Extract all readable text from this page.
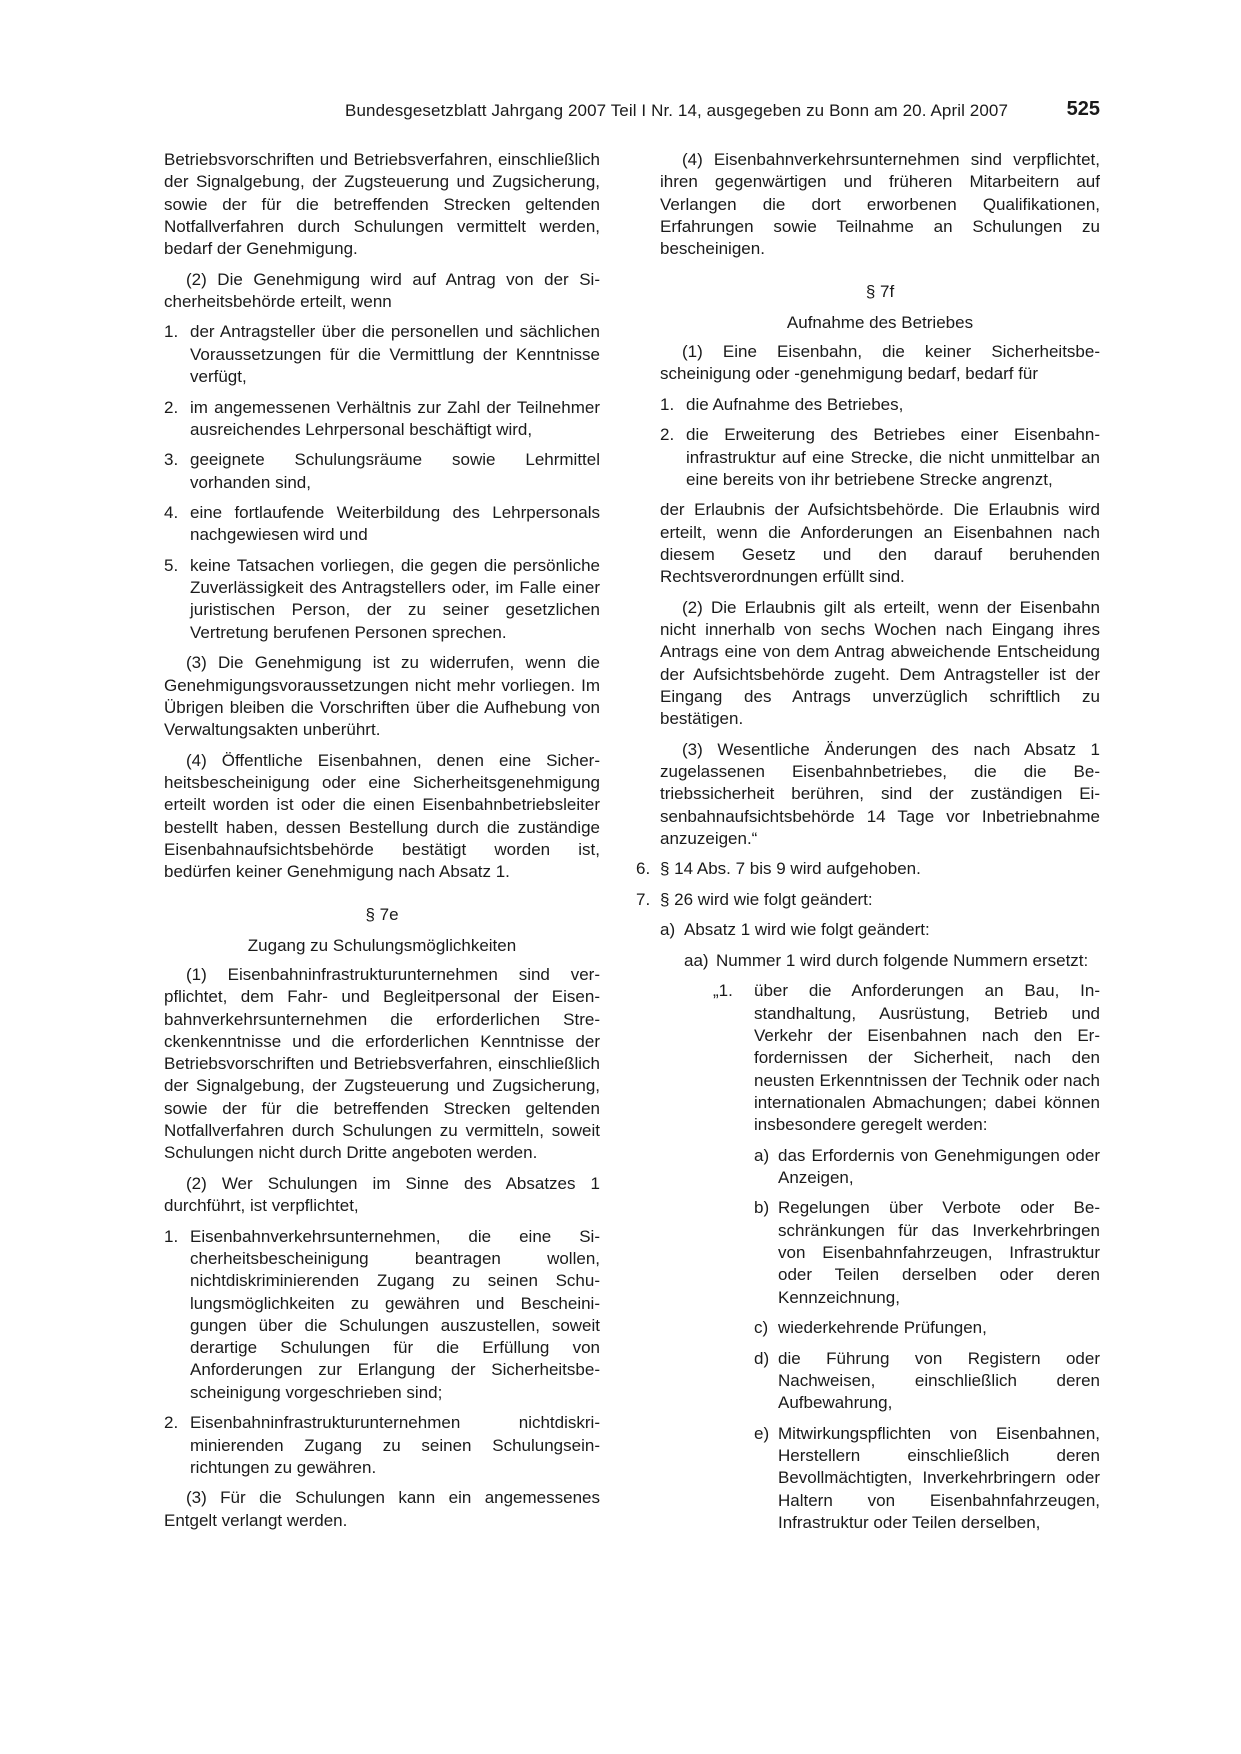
Bundesgesetzblatt Jahrgang 2007 Teil I Nr. 14, ausgegeben zu Bonn am 20. April 2007	525

Betriebsvorschriften und Betriebsverfahren, einschließlich der Signalgebung, der Zugsteuerung und Zugsicherung, sowie der für die betreffenden Strecken geltenden Notfallverfahren durch Schulungen vermittelt werden, bedarf der Genehmigung.

(2) Die Genehmigung wird auf Antrag von der Sicherheitsbehörde erteilt, wenn

1. der Antragsteller über die personellen und sächlichen Voraussetzungen für die Vermittlung der Kenntnisse verfügt,
2. im angemessenen Verhältnis zur Zahl der Teilnehmer ausreichendes Lehrpersonal beschäftigt wird,
3. geeignete Schulungsräume sowie Lehrmittel vorhanden sind,
4. eine fortlaufende Weiterbildung des Lehrpersonals nachgewiesen wird und
5. keine Tatsachen vorliegen, die gegen die persönliche Zuverlässigkeit des Antragstellers oder, im Falle einer juristischen Person, der zu seiner gesetzlichen Vertretung berufenen Personen sprechen.

(3) Die Genehmigung ist zu widerrufen, wenn die Genehmigungsvoraussetzungen nicht mehr vorliegen. Im Übrigen bleiben die Vorschriften über die Aufhebung von Verwaltungsakten unberührt.

(4) Öffentliche Eisenbahnen, denen eine Sicherheitsbescheinigung oder eine Sicherheitsgenehmigung erteilt worden ist oder die einen Eisenbahnbetriebsleiter bestellt haben, dessen Bestellung durch die zuständige Eisenbahnaufsichtsbehörde bestätigt worden ist, bedürfen keiner Genehmigung nach Absatz 1.

§ 7e

Zugang zu Schulungsmöglichkeiten

(1) Eisenbahninfrastrukturunternehmen sind verpflichtet, dem Fahr- und Begleitpersonal der Eisenbahnverkehrsunternehmen die erforderlichen Streckenkenntnisse und die erforderlichen Kenntnisse der Betriebsvorschriften und Betriebsverfahren, einschließlich der Signalgebung, der Zugsteuerung und Zugsicherung, sowie der für die betreffenden Strecken geltenden Notfallverfahren durch Schulungen zu vermitteln, soweit Schulungen nicht durch Dritte angeboten werden.

(2) Wer Schulungen im Sinne des Absatzes 1 durchführt, ist verpflichtet,

1. Eisenbahnverkehrsunternehmen, die eine Sicherheitsbescheinigung beantragen wollen, nichtdiskriminierenden Zugang zu seinen Schulungsmöglichkeiten zu gewähren und Bescheinigungen über die Schulungen auszustellen, soweit derartige Schulungen für die Erfüllung von Anforderungen zur Erlangung der Sicherheitsbescheinigung vorgeschrieben sind;
2. Eisenbahninfrastrukturunternehmen nichtdiskriminierenden Zugang zu seinen Schulungseinrichtungen zu gewähren.

(3) Für die Schulungen kann ein angemessenes Entgelt verlangt werden.

(4) Eisenbahnverkehrsunternehmen sind verpflichtet, ihren gegenwärtigen und früheren Mitarbeitern auf Verlangen die dort erworbenen Qualifikationen, Erfahrungen sowie Teilnahme an Schulungen zu bescheinigen.

§ 7f

Aufnahme des Betriebes

(1) Eine Eisenbahn, die keiner Sicherheitsbescheinigung oder -genehmigung bedarf, bedarf für

1. die Aufnahme des Betriebes,
2. die Erweiterung des Betriebes einer Eisenbahninfrastruktur auf eine Strecke, die nicht unmittelbar an eine bereits von ihr betriebene Strecke angrenzt,

der Erlaubnis der Aufsichtsbehörde. Die Erlaubnis wird erteilt, wenn die Anforderungen an Eisenbahnen nach diesem Gesetz und den darauf beruhenden Rechtsverordnungen erfüllt sind.

(2) Die Erlaubnis gilt als erteilt, wenn der Eisenbahn nicht innerhalb von sechs Wochen nach Eingang ihres Antrags eine von dem Antrag abweichende Entscheidung der Aufsichtsbehörde zugeht. Dem Antragsteller ist der Eingang des Antrags unverzüglich schriftlich zu bestätigen.

(3) Wesentliche Änderungen des nach Absatz 1 zugelassenen Eisenbahnbetriebes, die die Betriebssicherheit berühren, sind der zuständigen Eisenbahnaufsichtsbehörde 14 Tage vor Inbetriebnahme anzuzeigen.“

6. § 14 Abs. 7 bis 9 wird aufgehoben.
7. § 26 wird wie folgt geändert:
a) Absatz 1 wird wie folgt geändert:
aa) Nummer 1 wird durch folgende Nummern ersetzt:
„1. über die Anforderungen an Bau, Instandhaltung, Ausrüstung, Betrieb und Verkehr der Eisenbahnen nach den Erfordernissen der Sicherheit, nach den neusten Erkenntnissen der Technik oder nach internationalen Abmachungen; dabei können insbesondere geregelt werden:
a) das Erfordernis von Genehmigungen oder Anzeigen,
b) Regelungen über Verbote oder Beschränkungen für das Inverkehrbringen von Eisenbahnfahrzeugen, Infrastruktur oder Teilen derselben oder deren Kennzeichnung,
c) wiederkehrende Prüfungen,
d) die Führung von Registern oder Nachweisen, einschließlich deren Aufbewahrung,
e) Mitwirkungspflichten von Eisenbahnen, Herstellern einschließlich deren Bevollmächtigten, Inverkehrbringern oder Haltern von Eisenbahnfahrzeugen, Infrastruktur oder Teilen derselben,
